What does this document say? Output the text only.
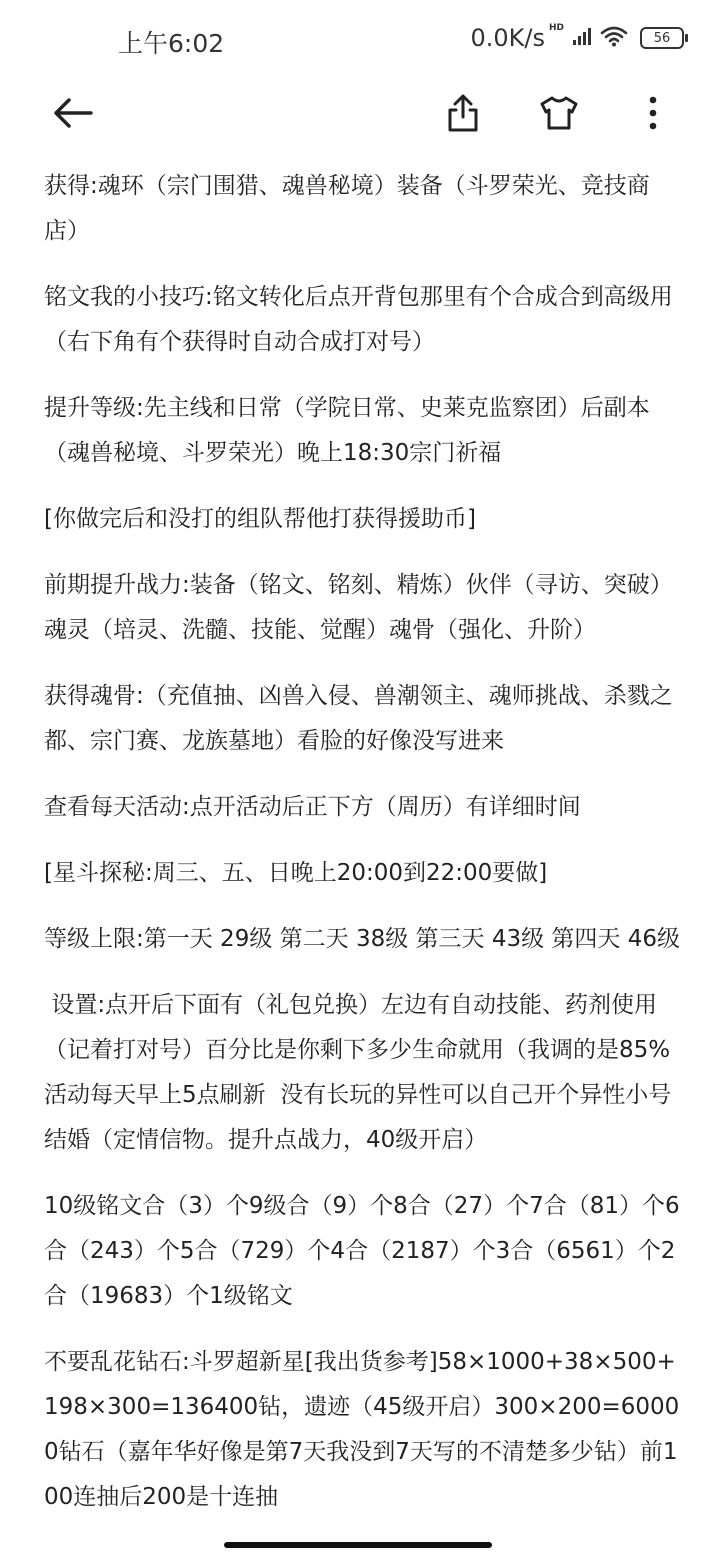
上午6:02	0.0K/s HD
56

获得:魂环（宗门围猎、魂兽秘境）装备（斗罗荣光、竞技商店）

铭文我的小技巧:铭文转化后点开背包那里有个合成合到高级用（右下角有个获得时自动合成打对号）

提升等级:先主线和日常（学院日常、史莱克监察团）后副本（魂兽秘境、斗罗荣光）晚上18:30宗门祈福

[你做完后和没打的组队帮他打获得援助币]

前期提升战力:装备（铭文、铭刻、精炼）伙伴（寻访、突破）魂灵（培灵、洗髓、技能、觉醒）魂骨（强化、升阶）

获得魂骨:（充值抽、凶兽入侵、兽潮领主、魂师挑战、杀戮之都、宗门赛、龙族墓地）看脸的好像没写进来

查看每天活动:点开活动后正下方（周历）有详细时间

[星斗探秘:周三、五、日晚上20:00到22:00要做]

等级上限:第一天 29级 第二天 38级 第三天 43级 第四天 46级

设置:点开后下面有（礼包兑换）左边有自动技能、药剂使用（记着打对号）百分比是你剩下多少生命就用（我调的是85%　 活动每天早上5点刷新  没有长玩的异性可以自己开个异性小号结婚（定情信物。提升点战力，40级开启）

10级铭文合（3）个9级合（9）个8合（27）个7合（81）个6合（243）个5合（729）个4合（2187）个3合（6561）个2合（19683）个1级铭文

不要乱花钻石:斗罗超新星[我出货参考]58×1000+38×500+198×300=136400钻，遗迹（45级开启）300×200=60000钻石（嘉年华好像是第7天我没到7天写的不清楚多少钻）前100连抽后200是十连抽
